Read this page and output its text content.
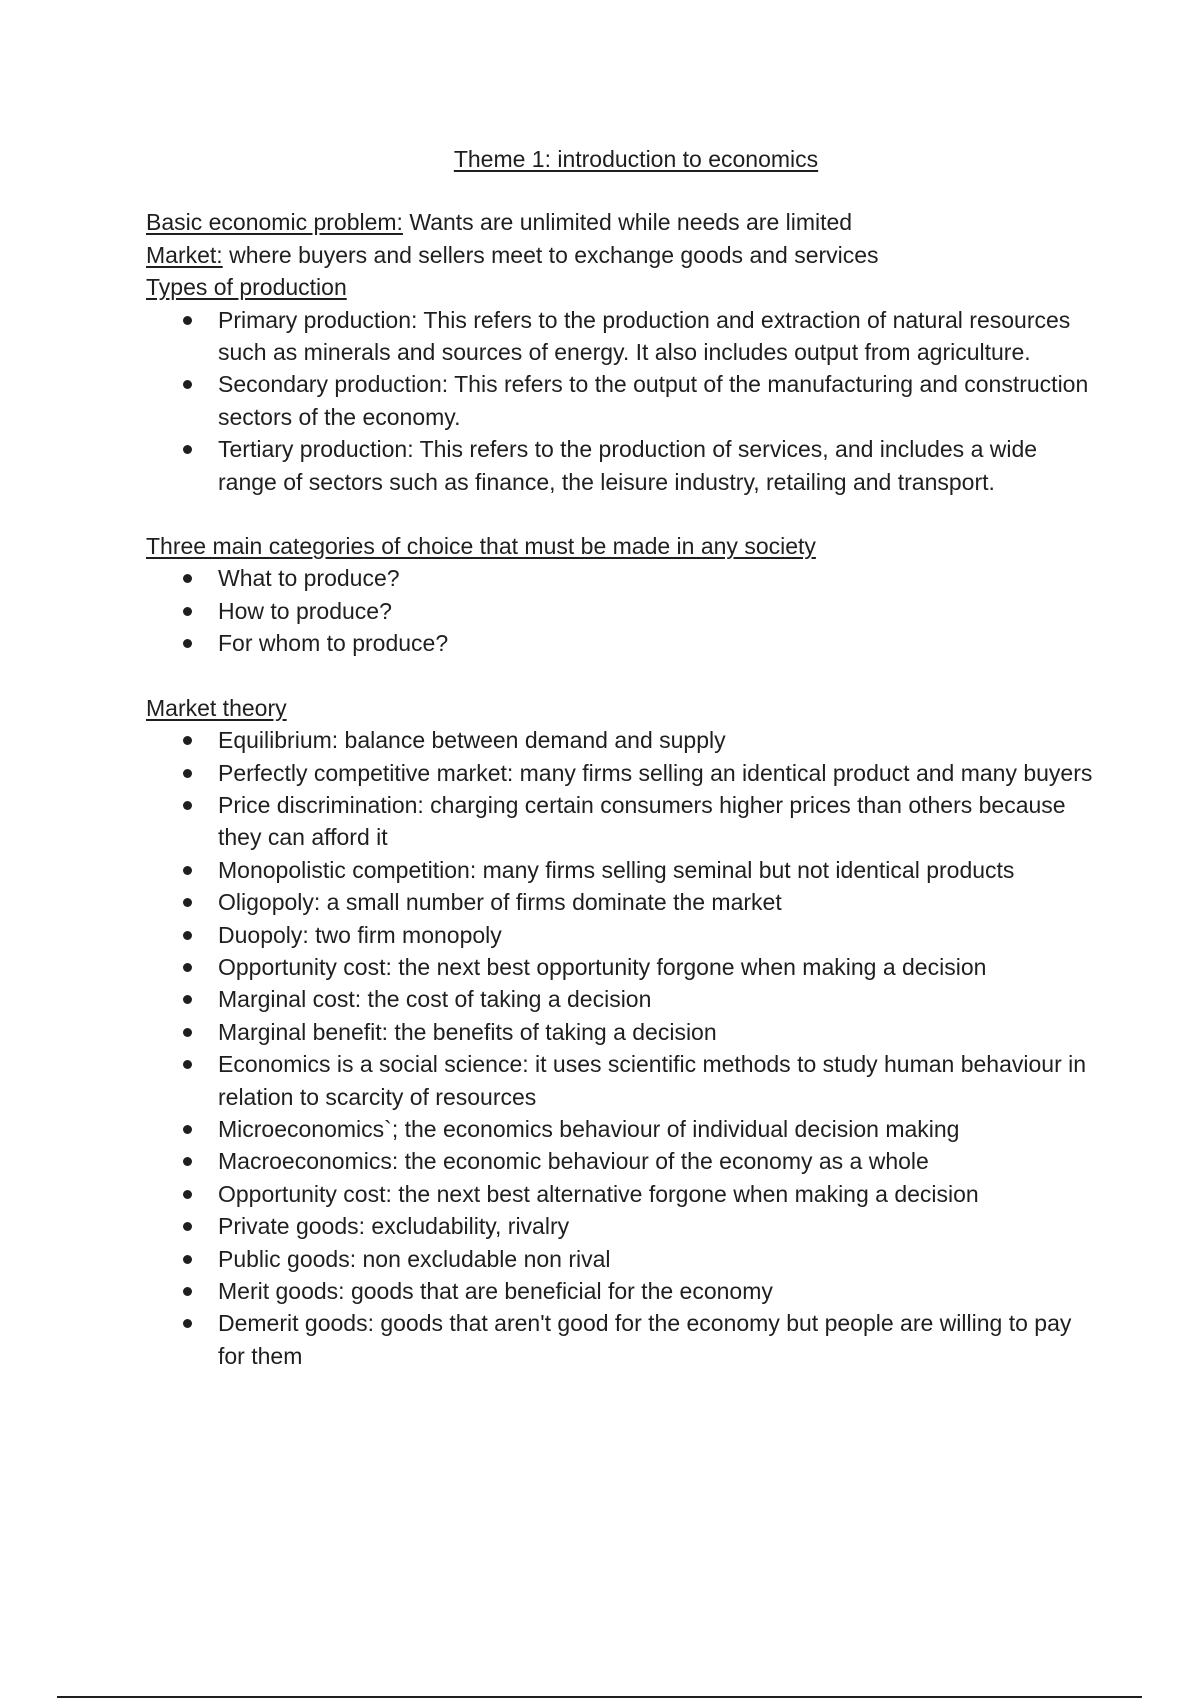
Theme 1: introduction to economics

Basic economic problem: Wants are unlimited while needs are limited

Market: where buyers and sellers meet to exchange goods and services

Types of production

Primary production: This refers to the production and extraction of natural resources such as minerals and sources of energy. It also includes output from agriculture.
Secondary production: This refers to the output of the manufacturing and construction sectors of the economy.
Tertiary production: This refers to the production of services, and includes a wide range of sectors such as finance, the leisure industry, retailing and transport.

Three main categories of choice that must be made in any society

What to produce?
How to produce?
For whom to produce?

Market theory

Equilibrium: balance between demand and supply
Perfectly competitive market: many firms selling an identical product and many buyers
Price discrimination: charging certain consumers higher prices than others because they can afford it
Monopolistic competition: many firms selling seminal but not identical products
Oligopoly: a small number of firms dominate the market
Duopoly: two firm monopoly
Opportunity cost: the next best opportunity forgone when making a decision
Marginal cost: the cost of taking a decision
Marginal benefit: the benefits of taking a decision
Economics is a social science: it uses scientific methods to study human behaviour in relation to scarcity of resources
Microeconomics`; the economics behaviour of individual decision making
Macroeconomics: the economic behaviour of the economy as a whole
Opportunity cost: the next best alternative forgone when making a decision
Private goods: excludability, rivalry
Public goods: non excludable non rival
Merit goods: goods that are beneficial for the economy
Demerit goods: goods that aren't good for the economy but people are willing to pay for them
